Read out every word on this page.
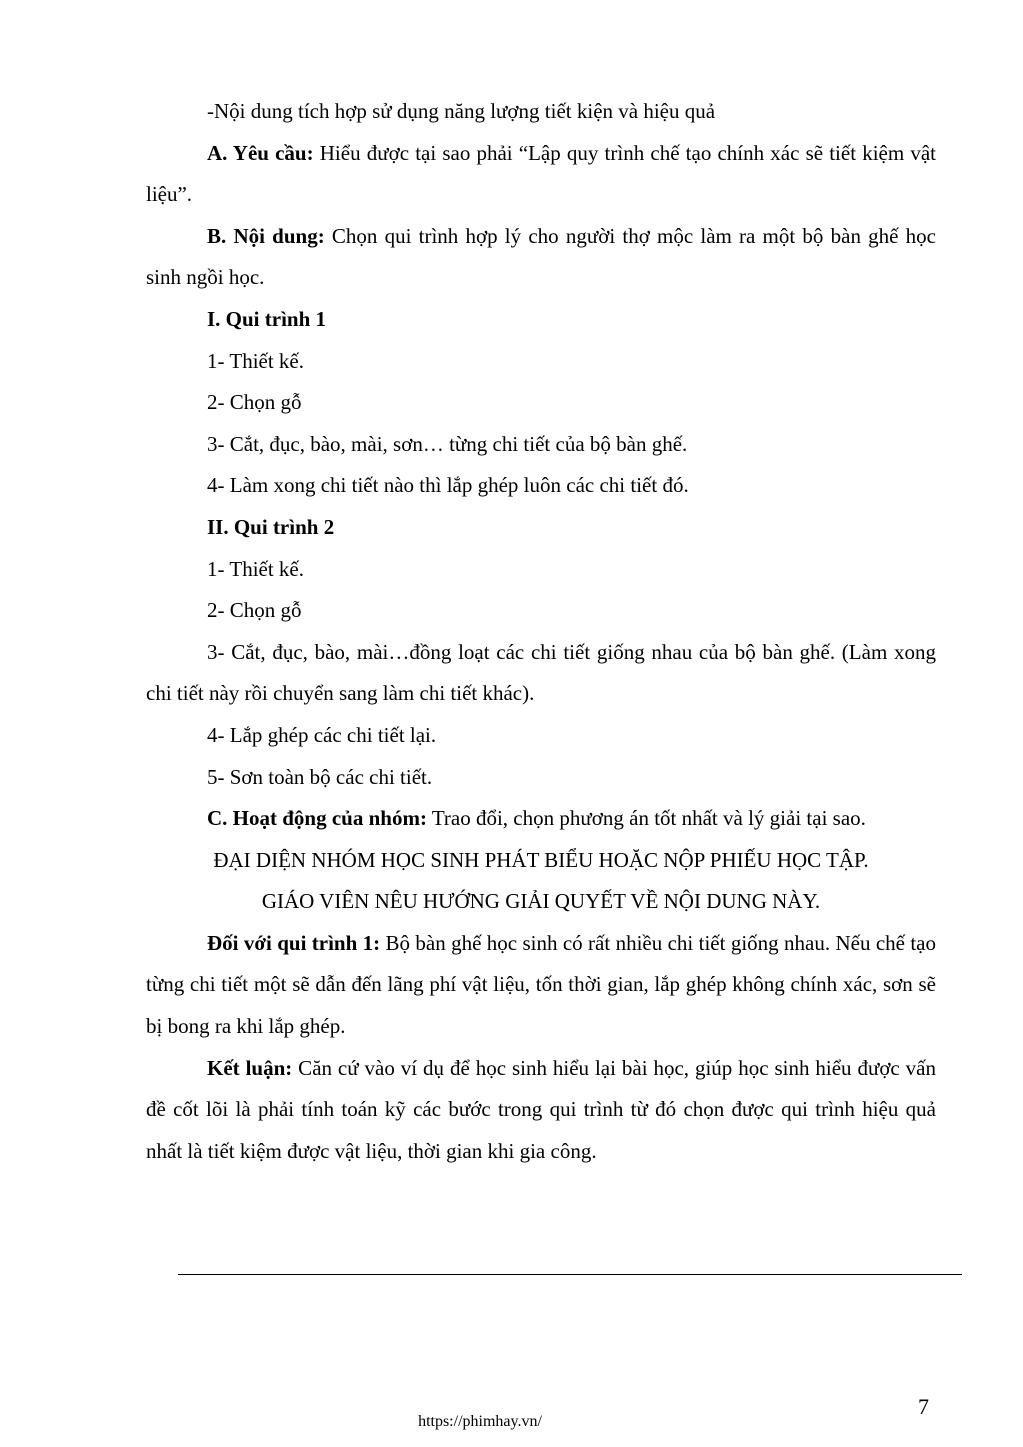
-Nội dung tích hợp sử dụng năng lượng tiết kiện và hiệu quả

A. Yêu cầu: Hiểu được tại sao phải “Lập quy trình chế tạo chính xác sẽ tiết kiệm vật liệu”.

B. Nội dung: Chọn qui trình hợp lý cho người thợ mộc làm ra một bộ bàn ghế học sinh ngồi học.

I. Qui trình 1

1- Thiết kế.

2- Chọn gỗ

3- Cắt, đục, bào, mài, sơn… từng chi tiết của bộ bàn ghế.

4- Làm xong chi tiết nào thì lắp ghép luôn các chi tiết đó.

II. Qui trình 2

1- Thiết kế.

2- Chọn gỗ

3- Cắt, đục, bào, mài…đồng loạt các chi tiết giống nhau của bộ bàn ghế. (Làm xong chi tiết này rồi chuyển sang làm chi tiết khác).

4- Lắp ghép các chi tiết lại.

5- Sơn toàn bộ các chi tiết.

C. Hoạt động của nhóm: Trao đổi, chọn phương án tốt nhất và lý giải tại sao.

ĐẠI DIỆN NHÓM HỌC SINH PHÁT BIỂU HOẶC NỘP PHIẾU HỌC TẬP.

GIÁO VIÊN NÊU HƯỚNG GIẢI QUYẾT VỀ NỘI DUNG NÀY.

Đối với qui trình 1: Bộ bàn ghế học sinh có rất nhiều chi tiết giống nhau. Nếu chế tạo từng chi tiết một sẽ dẫn đến lãng phí vật liệu, tốn thời gian, lắp ghép không chính xác, sơn sẽ bị bong ra khi lắp ghép.

Kết luận: Căn cứ vào ví dụ để học sinh hiểu lại bài học, giúp học sinh hiểu được vấn đề cốt lõi là phải tính toán kỹ các bước trong qui trình từ đó chọn được qui trình hiệu quả nhất là tiết kiệm được vật liệu, thời gian khi gia công.

7
https://phimhay.vn/
